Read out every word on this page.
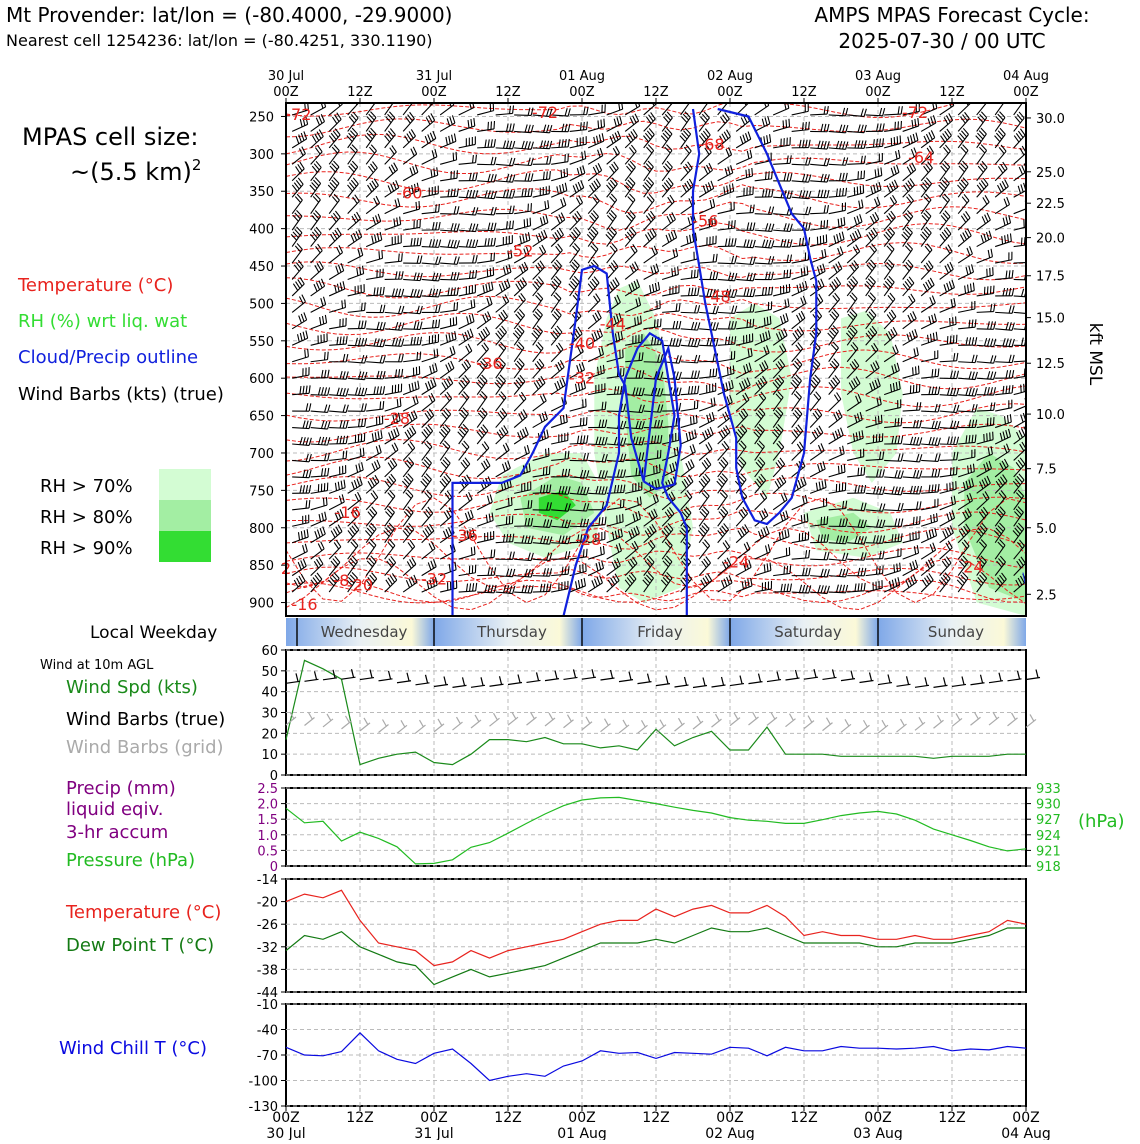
Mt Provender: lat/lon = (-80.4000, -29.9000)
Nearest cell 1254236: lat/lon = (-80.4251, 330.1190)
AMPS MPAS Forecast Cycle:
2025-07-30 / 00 UTC
MPAS cell size:
~(5.5 km)$^2$
Temperature (°C)
RH (%) wrt liq. wat
Cloud/Precip outline
Wind Barbs (kts) (true)
RH > 70%
RH > 80%
RH > 90%
Local Weekday
Wind at 10m AGL
Wind Spd (kts)
Wind Barbs (true)
Wind Barbs (grid)
Precip (mm)
liquid eqiv.
3-hr accum
Pressure (hPa)
(hPa)
Temperature (°C)
Dew Point T (°C)
Wind Chill T (°C)
kft MSL
-72	-72	-72
-68
-64
-60
-56
-52
-48
-44
-40
-36
-32
-28
-28
-24	-24
-36
-16
-8
-20	-32
-16
2
250
300
350
400
450
500
550
600
650
700
750
800
850
900
30.0
25.0
22.5
20.0
17.5
15.0
12.5
10.0
7.5
5.0
2.5
00Z
30 Jul
12Z	00Z
31 Jul
12Z	00Z
01 Aug
12Z	00Z
02 Aug
12Z	00Z
03 Aug
12Z	00Z
04 Aug
Wednesday	Thursday	Friday	Saturday	Sunday
0
10
20
30
40
50
60
0
0.5
1.0
1.5
2.0
2.5
918
921
924
927
930
933
-44
-38
-32
-26
-20
-14
-130
-100
-70
-40
-10
00Z
30 Jul
12Z	00Z
31 Jul
12Z	00Z
01 Aug
12Z	00Z
02 Aug
12Z	00Z
03 Aug
12Z	00Z
04 Aug
